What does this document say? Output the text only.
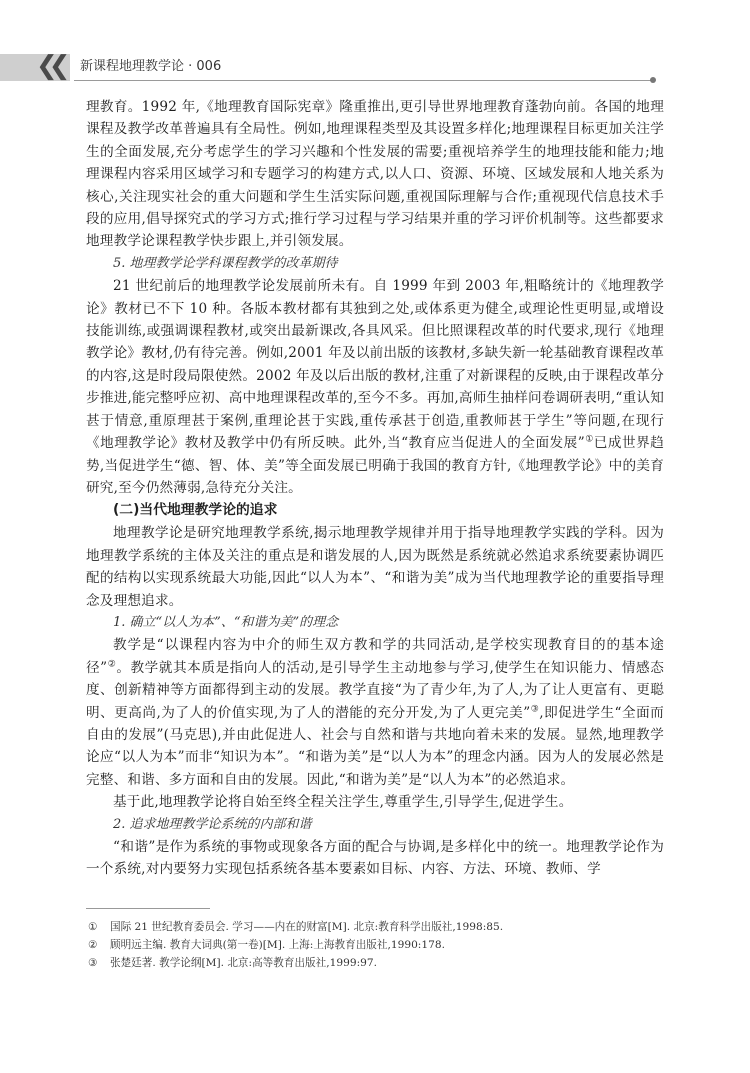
❮❮ 新课程地理教学论 · 006

理教育。1992 年,《地理教育国际宪章》隆重推出,更引导世界地理教育蓬勃向前。各国的地理课程及教学改革普遍具有全局性。例如,地理课程类型及其设置多样化;地理课程目标更加关注学生的全面发展,充分考虑学生的学习兴趣和个性发展的需要;重视培养学生的地理技能和能力;地理课程内容采用区域学习和专题学习的构建方式,以人口、资源、环境、区域发展和人地关系为核心,关注现实社会的重大问题和学生生活实际问题,重视国际理解与合作;重视现代信息技术手段的应用,倡导探究式的学习方式;推行学习过程与学习结果并重的学习评价机制等。这些都要求地理教学论课程教学快步跟上,并引领发展。

5. 地理教学论学科课程教学的改革期待

21 世纪前后的地理教学论发展前所未有。自 1999 年到 2003 年,粗略统计的《地理教学论》教材已不下 10 种。各版本教材都有其独到之处,或体系更为健全,或理论性更明显,或增设技能训练,或强调课程教材,或突出最新课改,各具风采。但比照课程改革的时代要求,现行《地理教学论》教材,仍有待完善。例如,2001 年及以前出版的该教材,多缺失新一轮基础教育课程改革的内容,这是时段局限使然。2002 年及以后出版的教材,注重了对新课程的反映,由于课程改革分步推进,能完整呼应初、高中地理课程改革的,至今不多。再加,高师生抽样问卷调研表明,“重认知甚于情意,重原理甚于案例,重理论甚于实践,重传承甚于创造,重教师甚于学生”等问题,在现行《地理教学论》教材及教学中仍有所反映。此外,当“教育应当促进人的全面发展”①已成世界趋势,当促进学生“德、智、体、美”等全面发展已明确于我国的教育方针,《地理教学论》中的美育研究,至今仍然薄弱,急待充分关注。

(二)当代地理教学论的追求

地理教学论是研究地理教学系统,揭示地理教学规律并用于指导地理教学实践的学科。因为地理教学系统的主体及关注的重点是和谐发展的人,因为既然是系统就必然追求系统要素协调匹配的结构以实现系统最大功能,因此“以人为本”、“和谐为美”成为当代地理教学论的重要指导理念及理想追求。

1. 确立“以人为本”、“和谐为美”的理念

教学是“以课程内容为中介的师生双方教和学的共同活动,是学校实现教育目的的基本途径”②。教学就其本质是指向人的活动,是引导学生主动地参与学习,使学生在知识能力、情感态度、创新精神等方面都得到主动的发展。教学直接“为了青少年,为了人,为了让人更富有、更聪明、更高尚,为了人的价值实现,为了人的潜能的充分开发,为了人更完美”③,即促进学生“全面而自由的发展”(马克思),并由此促进人、社会与自然和谐与共地向着未来的发展。显然,地理教学论应“以人为本”而非“知识为本”。“和谐为美”是“以人为本”的理念内涵。因为人的发展必然是完整、和谐、多方面和自由的发展。因此,“和谐为美”是“以人为本”的必然追求。

基于此,地理教学论将自始至终全程关注学生,尊重学生,引导学生,促进学生。

2. 追求地理教学论系统的内部和谐

“和谐”是作为系统的事物或现象各方面的配合与协调,是多样化中的统一。地理教学论作为一个系统,对内要努力实现包括系统各基本要素如目标、内容、方法、环境、教师、学

① 国际 21 世纪教育委员会. 学习——内在的财富[M]. 北京:教育科学出版社,1998:85.
② 顾明远主编. 教育大词典(第一卷)[M]. 上海:上海教育出版社,1990:178.
③ 张楚廷著. 教学论纲[M]. 北京:高等教育出版社,1999:97.
